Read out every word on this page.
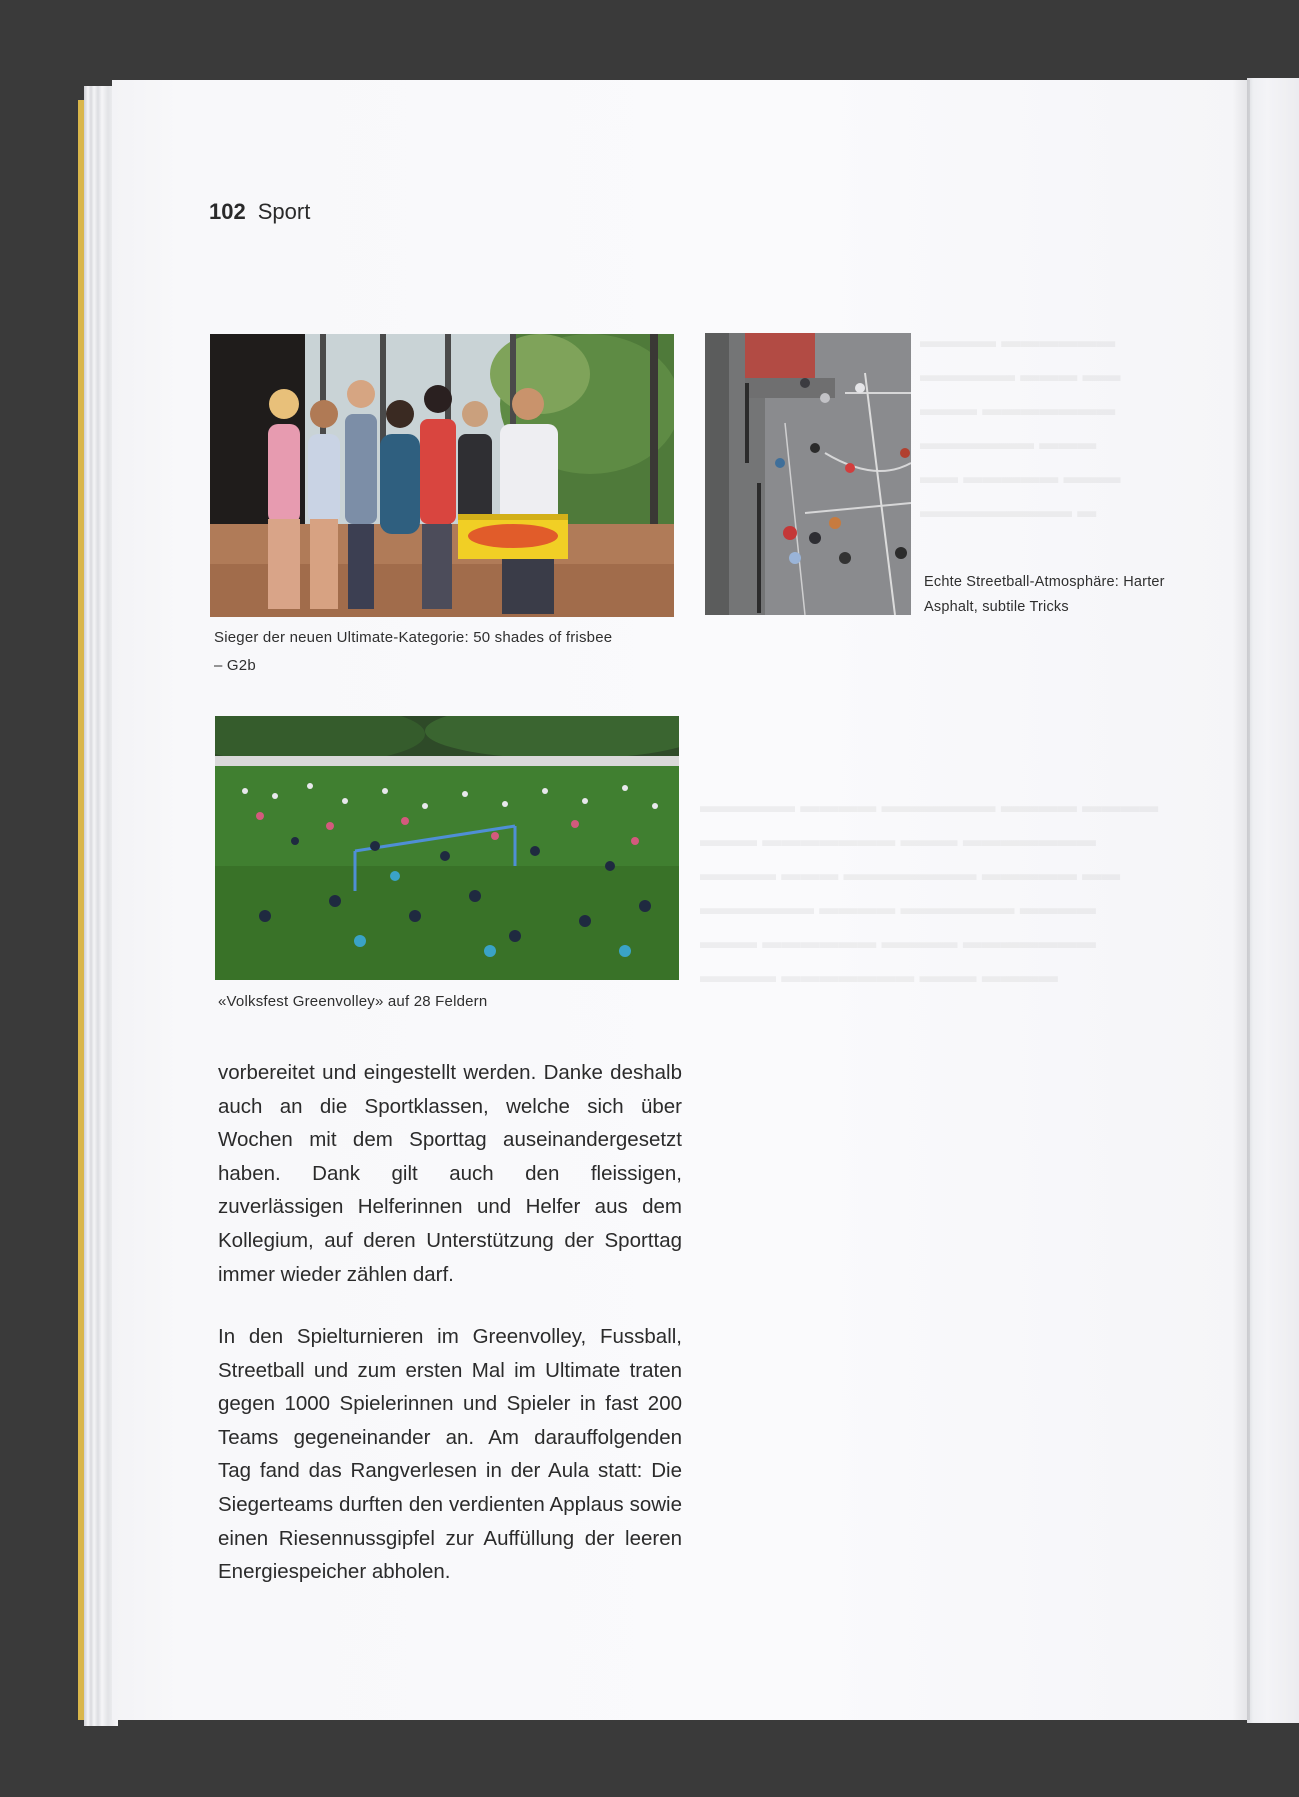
▬▬▬▬ ▬▬▬▬▬▬
▬▬▬▬▬ ▬▬▬ ▬▬
▬▬▬ ▬▬▬▬▬▬▬
▬▬▬▬▬▬ ▬▬▬
▬▬ ▬▬▬▬▬ ▬▬▬
▬▬▬▬▬▬▬▬ ▬
▬▬▬▬▬ ▬▬▬▬ ▬▬▬▬▬▬ ▬▬▬▬ ▬▬▬▬
▬▬▬ ▬▬▬▬▬▬▬ ▬▬▬ ▬▬▬▬▬▬▬
▬▬▬▬ ▬▬▬ ▬▬▬▬▬▬▬ ▬▬▬▬▬ ▬▬
▬▬▬▬▬▬ ▬▬▬▬ ▬▬▬▬▬▬ ▬▬▬▬
▬▬▬ ▬▬▬▬▬▬ ▬▬▬▬ ▬▬▬▬▬▬▬
▬▬▬▬ ▬▬▬▬▬▬▬ ▬▬▬ ▬▬▬▬
102 Sport
Sieger der neuen Ultimate-Kategorie: 50 shades of frisbee – G2b
Echte Streetball-Atmosphäre: Harter Asphalt, subtile Tricks
«Volksfest Greenvolley» auf 28 Feldern

vorbereitet und eingestellt werden. Danke deshalb auch an die Sportklassen, welche sich über Wochen mit dem Sporttag auseinandergesetzt haben. Dank gilt auch den fleissigen, zuverlässigen Helferinnen und Helfer aus dem Kollegium, auf deren Unterstützung der Sporttag immer wieder zählen darf.

In den Spielturnieren im Greenvolley, Fussball, Streetball und zum ersten Mal im Ultimate traten gegen 1000 Spielerinnen und Spieler in fast 200 Teams gegeneinander an. Am darauffolgenden Tag fand das Rangverlesen in der Aula statt: Die Siegerteams durften den verdienten Applaus sowie einen Riesennussgipfel zur Auffüllung der leeren Energiespeicher abholen.
